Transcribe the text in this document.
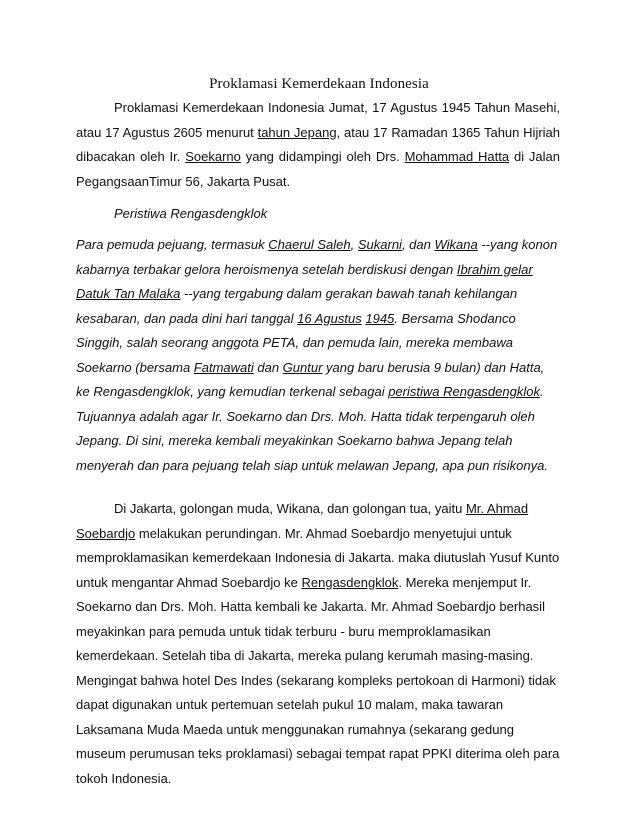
Proklamasi Kemerdekaan Indonesia
Proklamasi Kemerdekaan Indonesia Jumat, 17 Agustus 1945 Tahun Masehi, atau 17 Agustus 2605 menurut tahun Jepang, atau 17 Ramadan 1365 Tahun Hijriah dibacakan oleh Ir. Soekarno yang didampingi oleh Drs. Mohammad Hatta di Jalan PegangsaanTimur 56, Jakarta Pusat.
Peristiwa Rengasdengklok
Para pemuda pejuang, termasuk Chaerul Saleh, Sukarni, dan Wikana --yang konon kabarnya terbakar gelora heroismenya setelah berdiskusi dengan Ibrahim gelar Datuk Tan Malaka --yang tergabung dalam gerakan bawah tanah kehilangan kesabaran, dan pada dini hari tanggal 16 Agustus 1945. Bersama Shodanco Singgih, salah seorang anggota PETA, dan pemuda lain, mereka membawa Soekarno (bersama Fatmawati dan Guntur yang baru berusia 9 bulan) dan Hatta, ke Rengasdengklok, yang kemudian terkenal sebagai peristiwa Rengasdengklok. Tujuannya adalah agar Ir. Soekarno dan Drs. Moh. Hatta tidak terpengaruh oleh Jepang. Di sini, mereka kembali meyakinkan Soekarno bahwa Jepang telah menyerah dan para pejuang telah siap untuk melawan Jepang, apa pun risikonya.
Di Jakarta, golongan muda, Wikana, dan golongan tua, yaitu Mr. Ahmad Soebardjo melakukan perundingan. Mr. Ahmad Soebardjo menyetujui untuk memproklamasikan kemerdekaan Indonesia di Jakarta. maka diutuslah Yusuf Kunto untuk mengantar Ahmad Soebardjo ke Rengasdengklok. Mereka menjemput Ir. Soekarno dan Drs. Moh. Hatta kembali ke Jakarta. Mr. Ahmad Soebardjo berhasil meyakinkan para pemuda untuk tidak terburu - buru memproklamasikan kemerdekaan. Setelah tiba di Jakarta, mereka pulang kerumah masing-masing. Mengingat bahwa hotel Des Indes (sekarang kompleks pertokoan di Harmoni) tidak dapat digunakan untuk pertemuan setelah pukul 10 malam, maka tawaran Laksamana Muda Maeda untuk menggunakan rumahnya (sekarang gedung museum perumusan teks proklamasi) sebagai tempat rapat PPKI diterima oleh para tokoh Indonesia.
